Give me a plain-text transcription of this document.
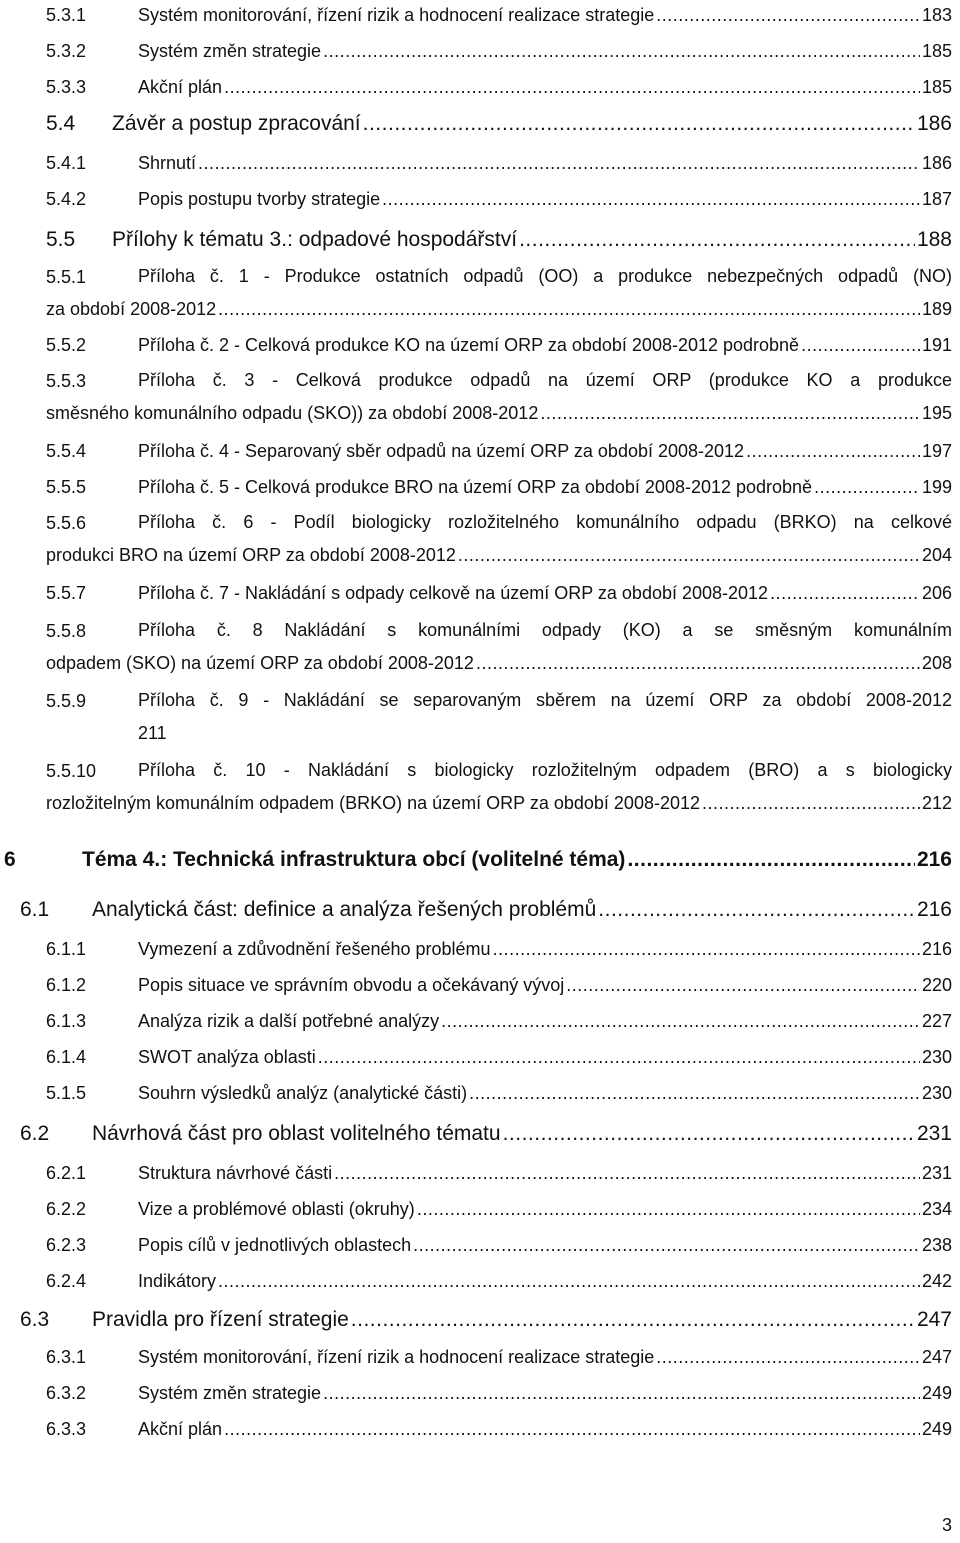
5.3.1	Systém monitorování, řízení rizik a hodnocení realizace strategie .....	183
5.3.2	Systém změn strategie .....	185
5.3.3	Akční plán .....	185
5.4	Závěr a postup zpracování .....	186
5.4.1	Shrnutí .....	186
5.4.2	Popis postupu tvorby strategie .....	187
5.5	Přílohy k tématu 3.: odpadové hospodářství .....	188
5.5.1	Příloha č. 1 - Produkce ostatních odpadů (OO) a produkce nebezpečných odpadů (NO)
za období 2008-2012 .....	189
5.5.2	Příloha č. 2 - Celková produkce KO na území ORP za období 2008-2012 podrobně .....	191
5.5.3	Příloha č. 3 - Celková produkce odpadů na území ORP (produkce KO a produkce
směsného komunálního odpadu (SKO)) za období 2008-2012 .....	195
5.5.4	Příloha č. 4 - Separovaný sběr odpadů na území ORP za období 2008-2012 .....	197
5.5.5	Příloha č. 5 - Celková produkce BRO na území ORP za období 2008-2012 podrobně .....	199
5.5.6	Příloha č. 6 - Podíl biologicky rozložitelného komunálního odpadu (BRKO) na celkové
produkci BRO na území ORP za období 2008-2012 .....	204
5.5.7	Příloha č. 7 - Nakládání s odpady celkově na území ORP za období 2008-2012 .....	206
5.5.8	Příloha č. 8 Nakládání s komunálními odpady (KO) a se směsným komunálním
odpadem (SKO) na území ORP za období 2008-2012 .....	208
5.5.9	Příloha č. 9 - Nakládání se separovaným sběrem na území ORP za období 2008-2012
211
5.5.10	Příloha č. 10 - Nakládání s biologicky rozložitelným odpadem (BRO) a s biologicky
rozložitelným komunálním odpadem (BRKO) na území ORP za období 2008-2012 .....	212
6	Téma 4.: Technická infrastruktura obcí (volitelné téma) .....	216
6.1	Analytická část: definice a analýza řešených problémů .....	216
6.1.1	Vymezení a zdůvodnění řešeného problému .....	216
6.1.2	Popis situace ve správním obvodu a očekávaný vývoj .....	220
6.1.3	Analýza rizik a další potřebné analýzy .....	227
6.1.4	SWOT analýza oblasti .....	230
5.1.5	Souhrn výsledků analýz (analytické části) .....	230
6.2	Návrhová část pro oblast volitelného tématu .....	231
6.2.1	Struktura návrhové části .....	231
6.2.2	Vize a problémové oblasti (okruhy) .....	234
6.2.3	Popis cílů v jednotlivých oblastech .....	238
6.2.4	Indikátory .....	242
6.3	Pravidla pro řízení strategie .....	247
6.3.1	Systém monitorování, řízení rizik a hodnocení realizace strategie .....	247
6.3.2	Systém změn strategie .....	249
6.3.3	Akční plán .....	249
3
